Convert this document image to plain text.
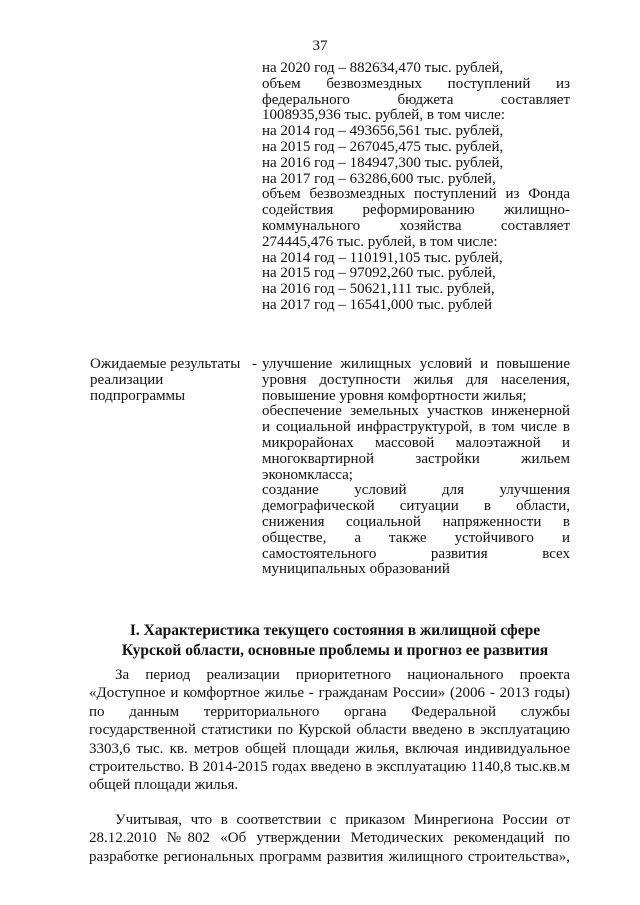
37
на 2020 год – 882634,470 тыс. рублей,
объем безвозмездных поступлений из
федерального бюджета составляет
1008935,936 тыс. рублей, в том числе:
на 2014 год – 493656,561 тыс. рублей,
на 2015 год – 267045,475 тыс. рублей,
на 2016 год – 184947,300 тыс. рублей,
на 2017 год – 63286,600 тыс. рублей,
объем безвозмездных поступлений из Фонда
содействия реформированию жилищно-
коммунального хозяйства составляет
274445,476 тыс. рублей, в том числе:
на 2014 год – 110191,105 тыс. рублей,
на 2015 год – 97092,260 тыс. рублей,
на 2016 год – 50621,111 тыс. рублей,
на 2017 год – 16541,000 тыс. рублей
Ожидаемые результаты
реализации
подпрограммы
- улучшение жилищных условий и повышение
уровня доступности жилья для населения,
повышение уровня комфортности жилья;
обеспечение земельных участков инженерной
и социальной инфраструктурой, в том числе в
микрорайонах массовой малоэтажной и
многоквартирной застройки жильем
экономкласса;
создание условий для улучшения
демографической ситуации в области,
снижения социальной напряженности в
обществе, а также устойчивого и
самостоятельного развития всех
муниципальных образований
I. Характеристика текущего состояния в жилищной сфере
Курской области, основные проблемы и прогноз ее развития
За период реализации приоритетного национального проекта
«Доступное и комфортное жилье - гражданам России» (2006 - 2013 годы)
по данным территориального органа Федеральной службы
государственной статистики по Курской области введено в эксплуатацию
3303,6 тыс. кв. метров общей площади жилья, включая индивидуальное
строительство. В 2014-2015 годах введено в эксплуатацию 1140,8 тыс.кв.м
общей площади жилья.
Учитывая, что в соответствии с приказом Минрегиона России от
28.12.2010 №802 «Об утверждении Методических рекомендаций по
разработке региональных программ развития жилищного строительства»,
